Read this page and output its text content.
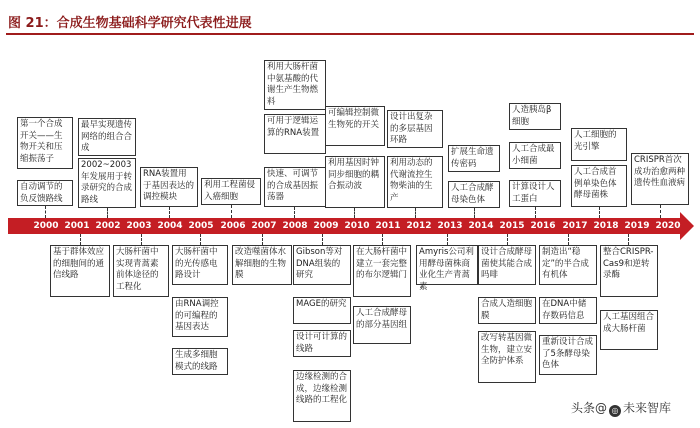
图 21：合成生物基础科学研究代表性进展
第一个合成开关——生物开关和压缩振荡子
自动调节的负反馈路线
最早实现遗传网络的组合合成
2002~2003年发展用于转录研究的合成路线
RNA装置用于基因表达的调控模块
利用工程菌侵入癌细胞
利用大肠杆菌中氨基酸的代谢生产生物燃料
可用于逻辑运算的RNA装置
快速、可调节的合成基因振荡器
可编辑控制微生物死的开关
利用基因时钟同步细胞的耦合振动波
设计出复杂的多层基因环路
利用动态的代谢流控生物柴油的生产
扩展生命遗传密码
人工合成酵母染色体
人造胰岛β细胞
人工合成最小细菌
计算设计人工蛋白
人工细胞的光引擎
人工合成首例单染色体酵母菌株
CRISPR首次成功治愈两种遗传性血液病
2000 2001 2002 2003 2004 2005 2006 2007 2008 2009 2010 2011 2012 2013 2014 2015 2016 2017 2018 2019 2020
基于群体效应的细胞间的通信线路
大肠杆菌中实现青蒿素前体途径的工程化
由RNA调控的可编程的基因表达
生成多细胞模式的线路
大肠杆菌中的光传感电路设计
改造噬菌体水解细胞的生物膜
Gibson等对DNA组装的研究
MAGE的研究
设计可计算的线路
边缘检测的合成，边缘检测线路的工程化
在大肠杆菌中建立一套完整的布尔逻辑门
人工合成酵母的部分基因组
Amyris公司利用酵母菌株商业化生产青蒿素
设计合成酵母菌使其能合成吗啡
合成人造细胞膜
改写转基因微生物，建立安全防护体系
制造出“稳定”的半合成有机体
在DNA中储存数码信息
重新设计合成了5条酵母染色体
整合CRISPR-Cas9和逆转录酶
人工基因组合成大肠杆菌
头条@ ◎ 未来智库
